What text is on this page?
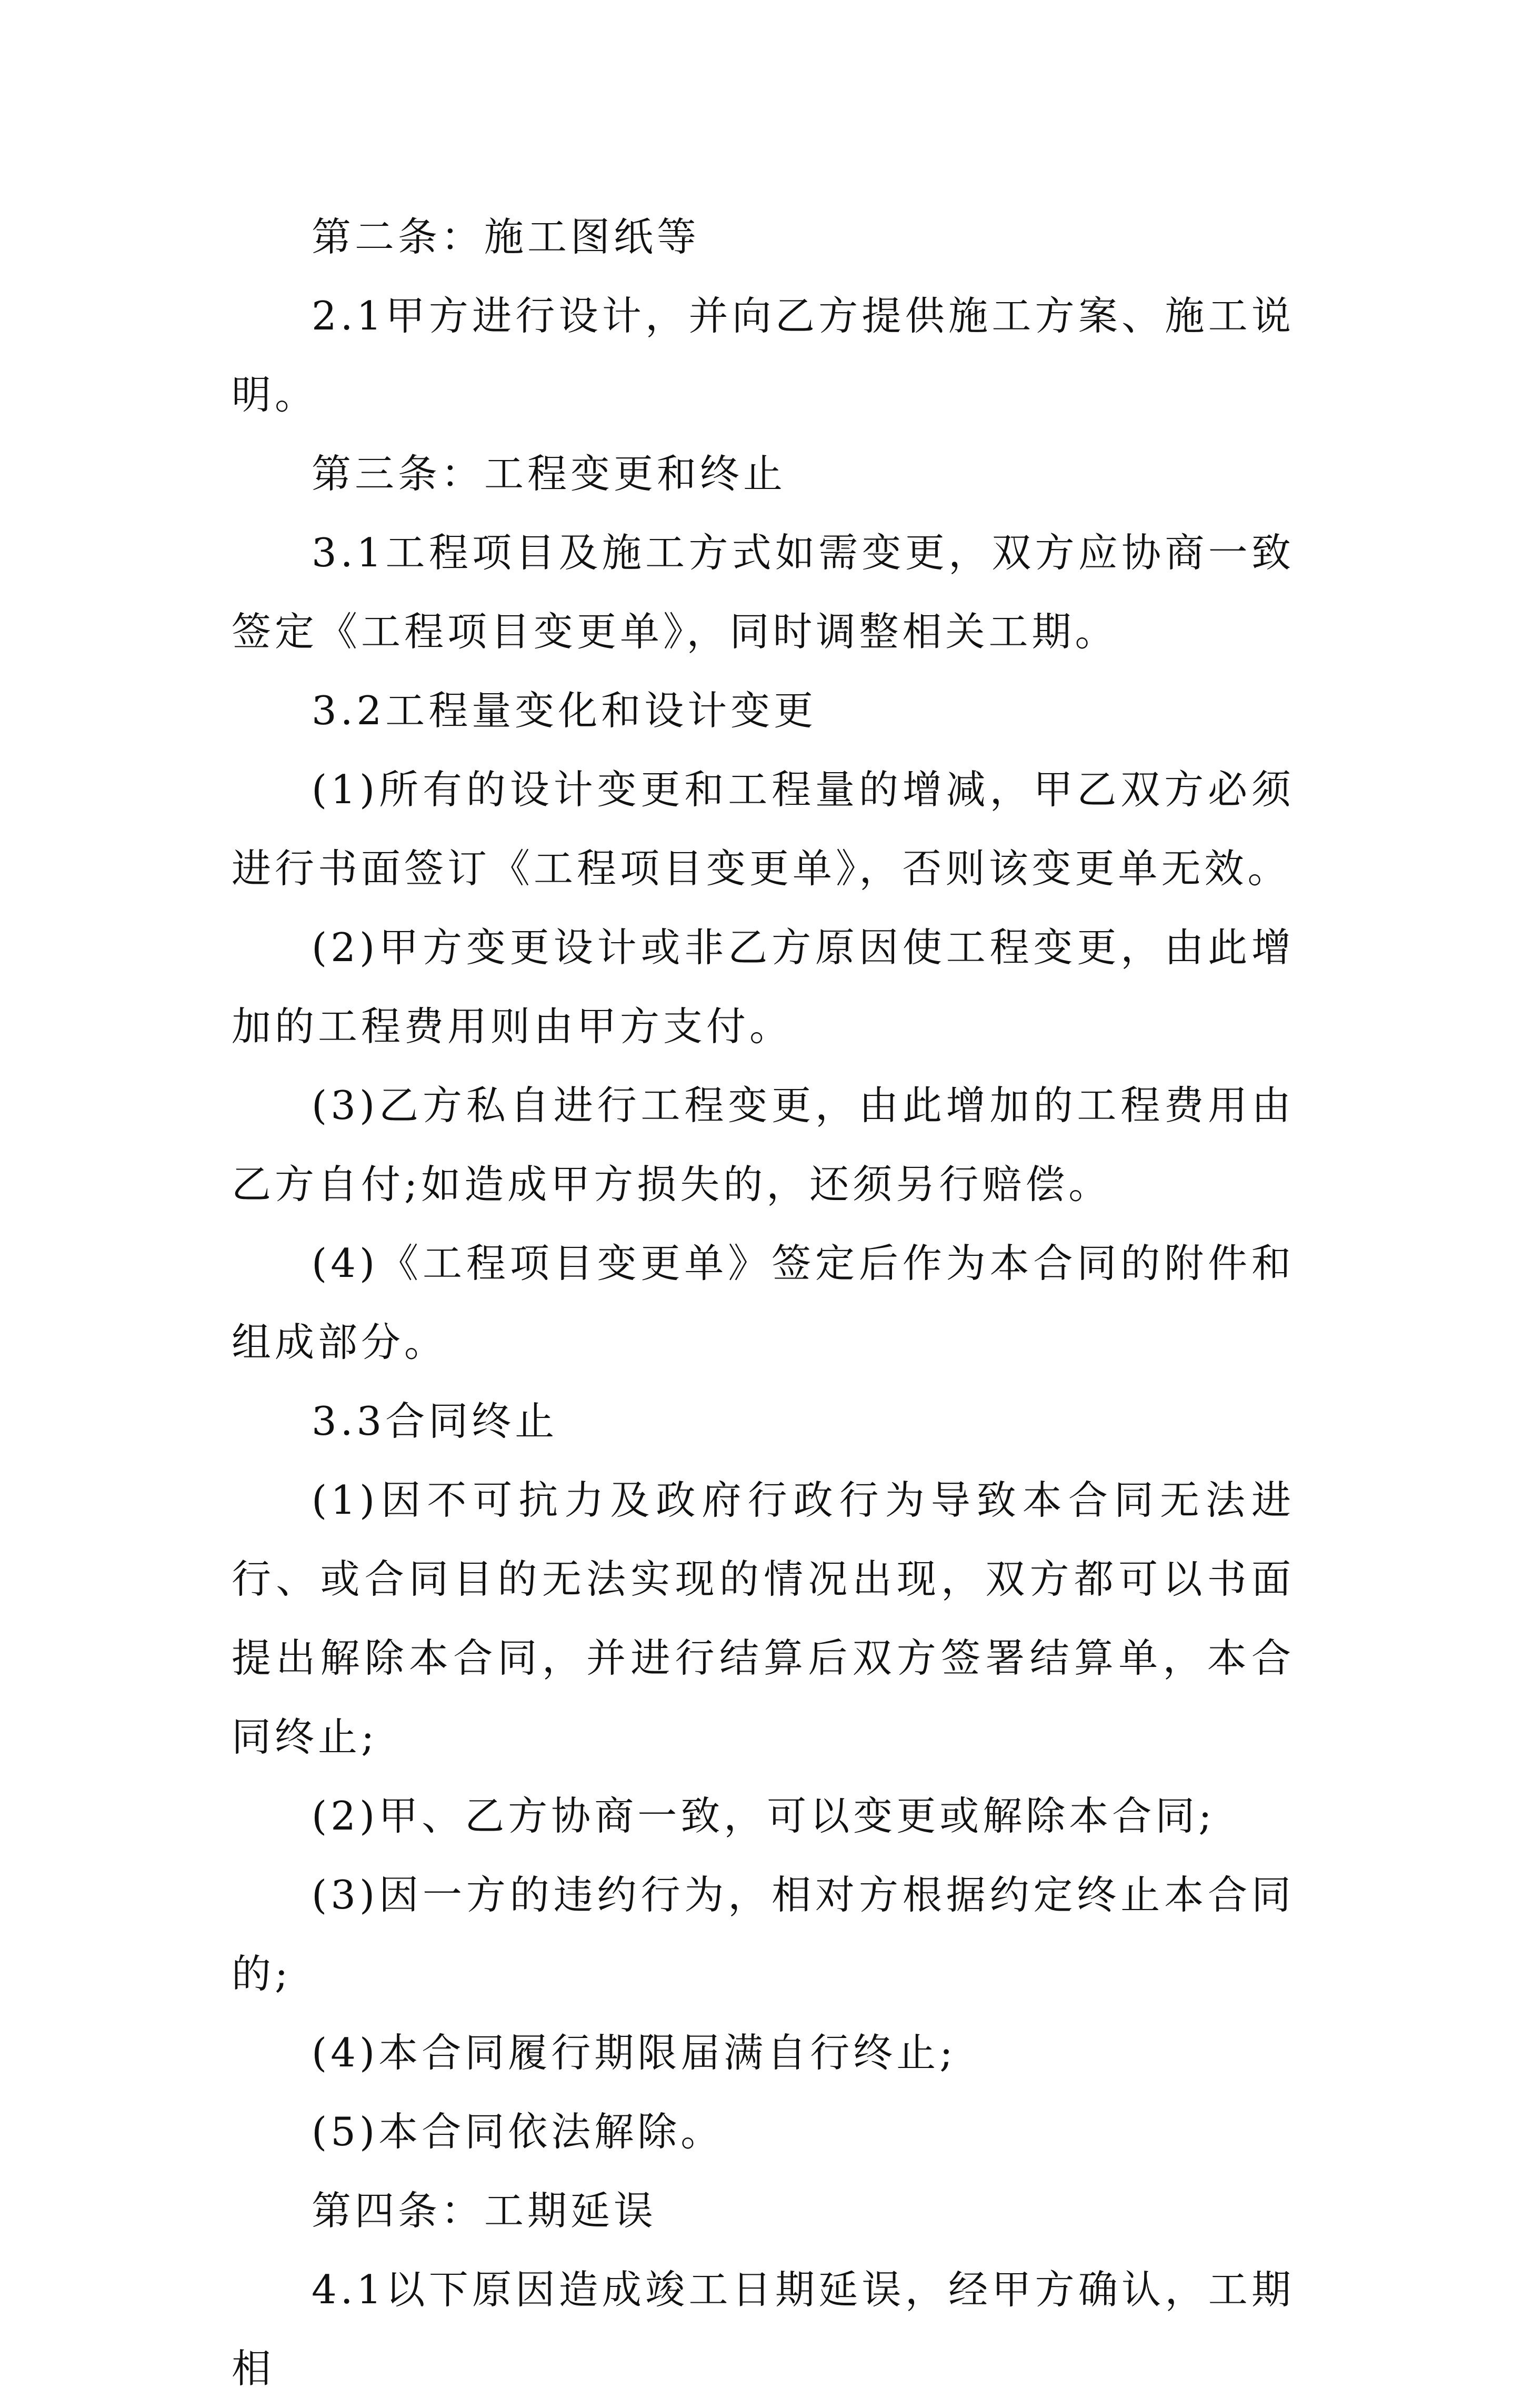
第二条：施工图纸等

2.1甲方进行设计，并向乙方提供施工方案、施工说明。

第三条：工程变更和终止

3.1工程项目及施工方式如需变更，双方应协商一致签定《工程项目变更单》，同时调整相关工期。

3.2工程量变化和设计变更

(1)所有的设计变更和工程量的增减，甲乙双方必须进行书面签订《工程项目变更单》，否则该变更单无效。

(2)甲方变更设计或非乙方原因使工程变更，由此增加的工程费用则由甲方支付。

(3)乙方私自进行工程变更，由此增加的工程费用由乙方自付;如造成甲方损失的，还须另行赔偿。

(4)《工程项目变更单》签定后作为本合同的附件和组成部分。

3.3合同终止

(1)因不可抗力及政府行政行为导致本合同无法进行、或合同目的无法实现的情况出现，双方都可以书面提出解除本合同，并进行结算后双方签署结算单，本合同终止;

(2)甲、乙方协商一致，可以变更或解除本合同;

(3)因一方的违约行为，相对方根据约定终止本合同的;

(4)本合同履行期限届满自行终止;

(5)本合同依法解除。

第四条：工期延误

4.1以下原因造成竣工日期延误，经甲方确认，工期相
